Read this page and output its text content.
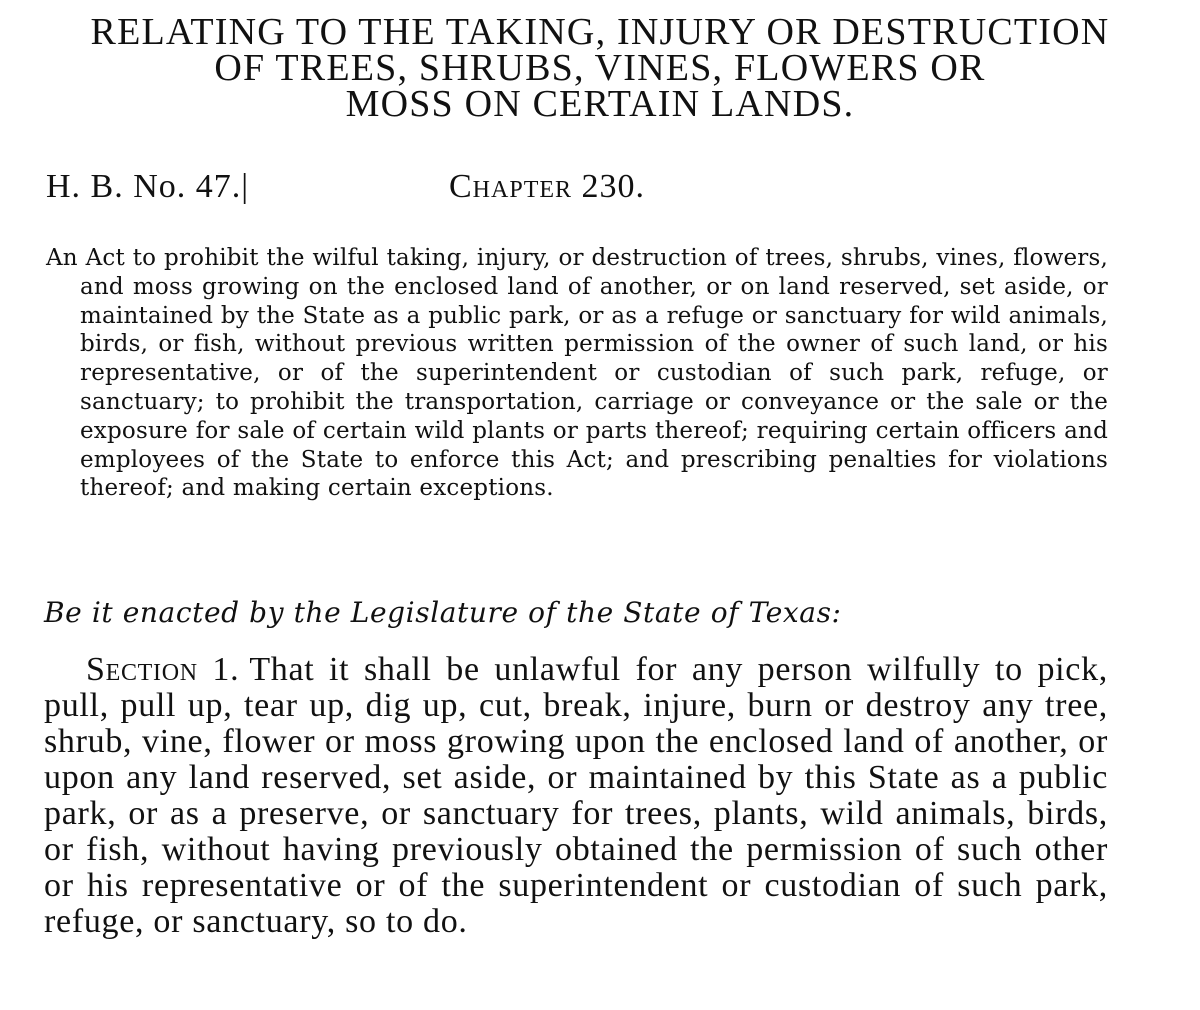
RELATING TO THE TAKING, INJURY OR DESTRUCTION
OF TREES, SHRUBS, VINES, FLOWERS OR
MOSS ON CERTAIN LANDS.
H. B. No. 47.|	Chapter 230.
An Act to prohibit the wilful taking, injury, or destruction of trees, shrubs, vines, flowers, and moss growing on the enclosed land of another, or on land reserved, set aside, or maintained by the State as a public park, or as a refuge or sanctuary for wild animals, birds, or fish, without previous written permission of the owner of such land, or his representative, or of the superintendent or custodian of such park, refuge, or sanctuary; to prohibit the transportation, carriage or conveyance or the sale or the exposure for sale of certain wild plants or parts thereof; requiring certain officers and employees of the State to enforce this Act; and prescribing penalties for violations thereof; and making certain exceptions.
Be it enacted by the Legislature of the State of Texas:
Section 1. That it shall be unlawful for any person wilfully to pick, pull, pull up, tear up, dig up, cut, break, injure, burn or destroy any tree, shrub, vine, flower or moss growing upon the enclosed land of another, or upon any land reserved, set aside, or maintained by this State as a public park, or as a preserve, or sanctuary for trees, plants, wild animals, birds, or fish, without having previously obtained the permission of such other or his representative or of the superintendent or custodian of such park, refuge, or sanctuary, so to do.
